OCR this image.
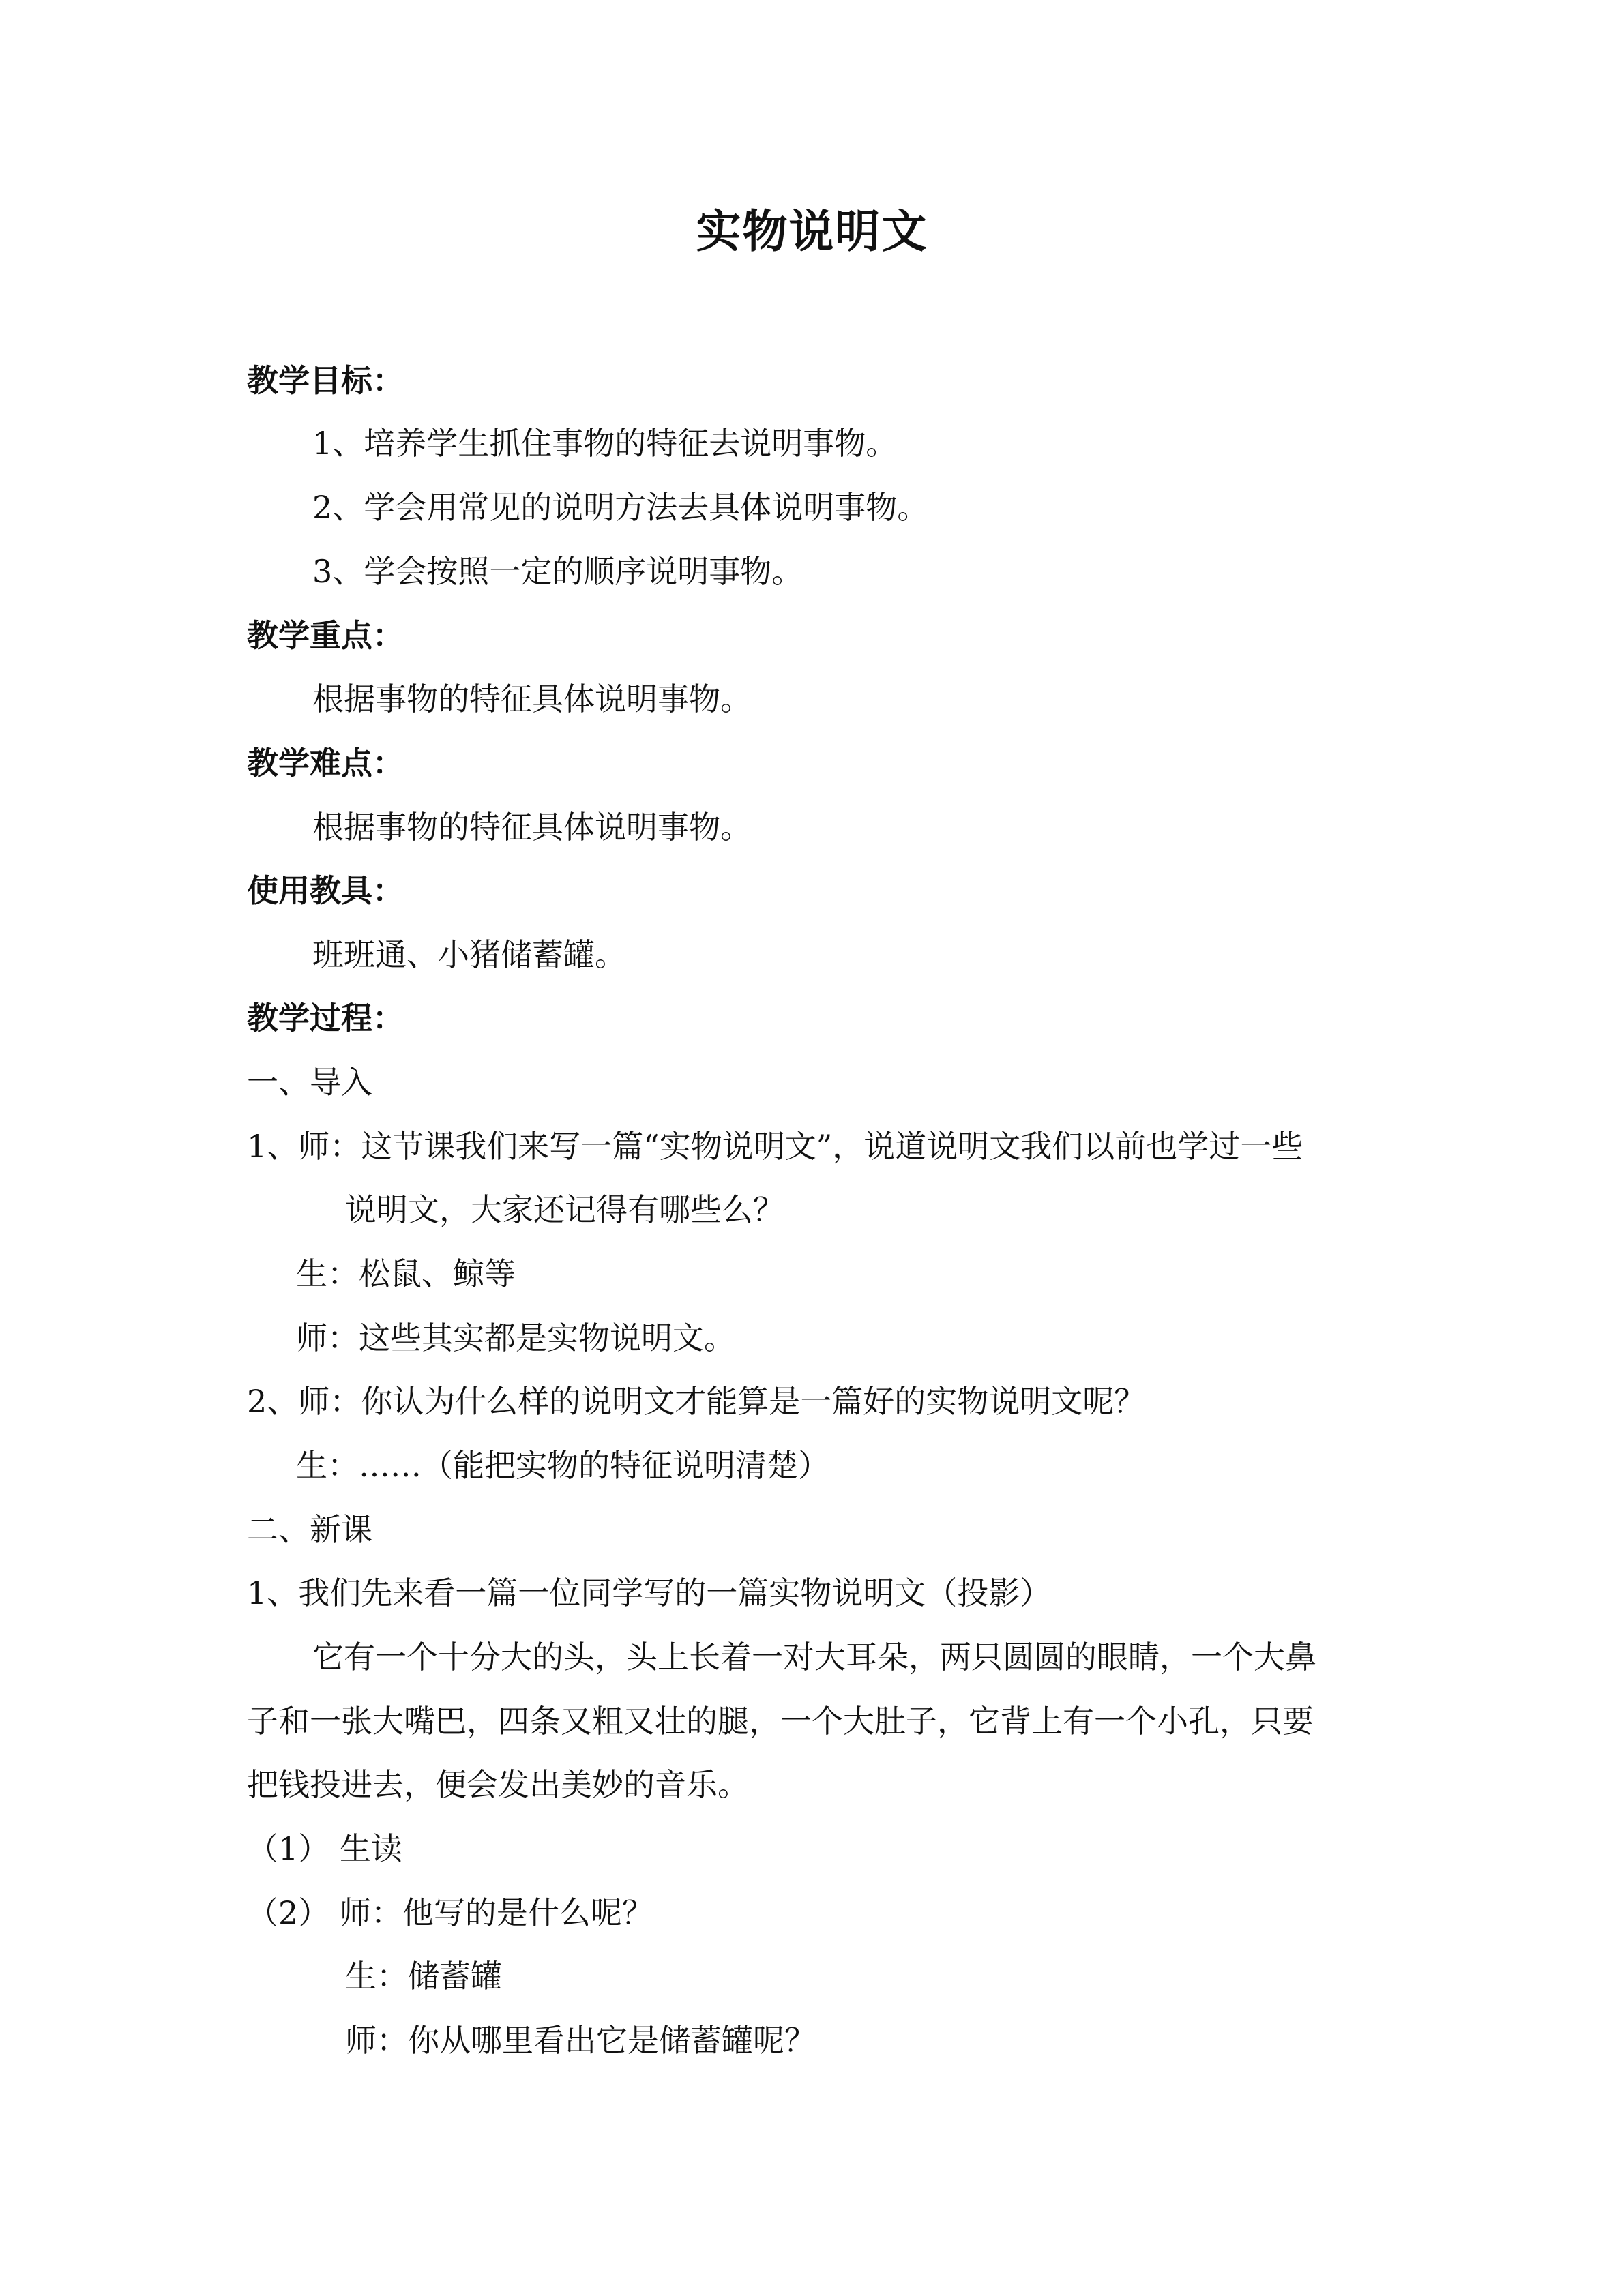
实物说明文
教学目标：
1、培养学生抓住事物的特征去说明事物。
2、学会用常见的说明方法去具体说明事物。
3、学会按照一定的顺序说明事物。
教学重点：
根据事物的特征具体说明事物。
教学难点：
根据事物的特征具体说明事物。
使用教具：
班班通、小猪储蓄罐。
教学过程：
一、导入
1、师：这节课我们来写一篇“实物说明文”，说道说明文我们以前也学过一些
说明文，大家还记得有哪些么？
生：松鼠、鲸等
师：这些其实都是实物说明文。
2、师：你认为什么样的说明文才能算是一篇好的实物说明文呢？
生：……（能把实物的特征说明清楚）
二、新课
1、我们先来看一篇一位同学写的一篇实物说明文（投影）
它有一个十分大的头，头上长着一对大耳朵，两只圆圆的眼睛，一个大鼻
子和一张大嘴巴，四条又粗又壮的腿，一个大肚子，它背上有一个小孔，只要
把钱投进去，便会发出美妙的音乐。
（1） 生读
（2） 师：他写的是什么呢？
生：储蓄罐
师：你从哪里看出它是储蓄罐呢？
